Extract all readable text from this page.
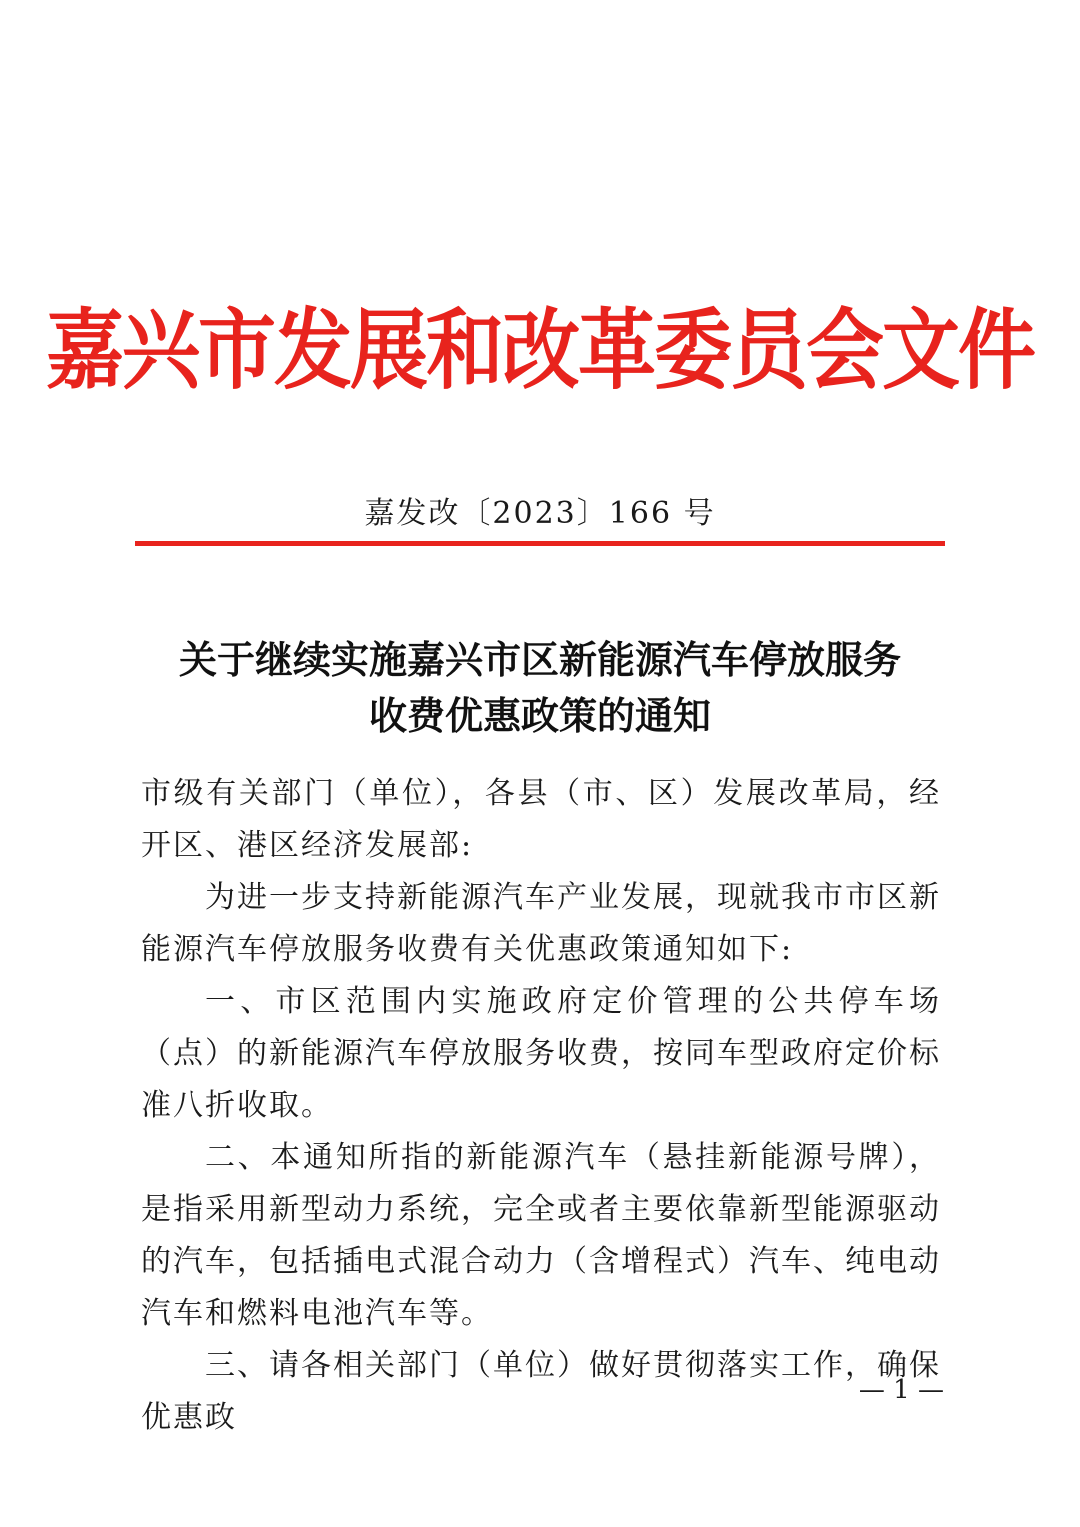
嘉兴市发展和改革委员会文件
嘉发改〔2023〕166 号
关于继续实施嘉兴市区新能源汽车停放服务
收费优惠政策的通知

市级有关部门（单位），各县（市、区）发展改革局，经开区、港区经济发展部:

为进一步支持新能源汽车产业发展，现就我市市区新能源汽车停放服务收费有关优惠政策通知如下:

一、市区范围内实施政府定价管理的公共停车场（点）的新能源汽车停放服务收费，按同车型政府定价标准八折收取。

二、本通知所指的新能源汽车（悬挂新能源号牌），是指采用新型动力系统，完全或者主要依靠新型能源驱动的汽车，包括插电式混合动力（含增程式）汽车、纯电动汽车和燃料电池汽车等。

三、请各相关部门（单位）做好贯彻落实工作，确保优惠政

— 1 —
